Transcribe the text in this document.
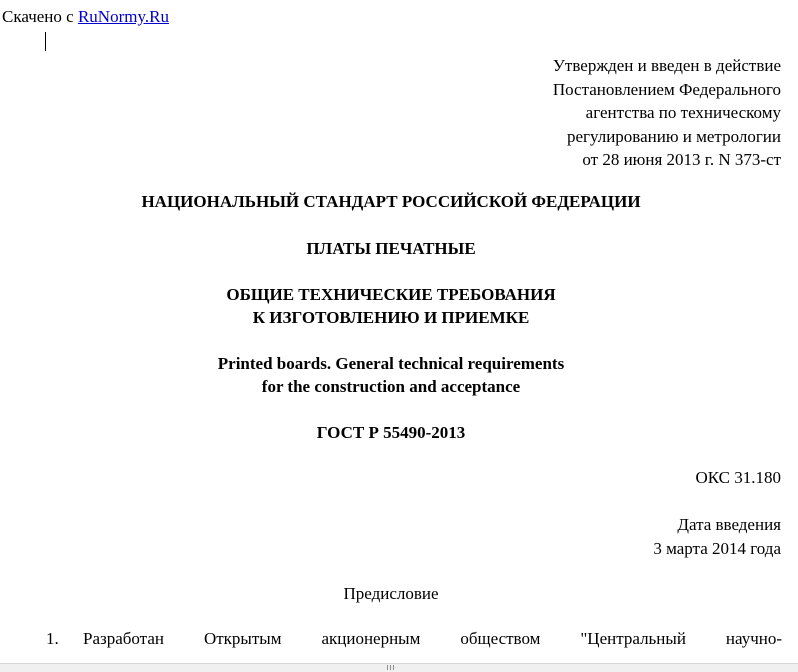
Скачено с RuNormy.Ru
Утвержден и введен в действие
Постановлением Федерального
агентства по техническому
регулированию и метрологии
от 28 июня 2013 г. N 373-ст
НАЦИОНАЛЬНЫЙ СТАНДАРТ РОССИЙСКОЙ ФЕДЕРАЦИИ
ПЛАТЫ ПЕЧАТНЫЕ
ОБЩИЕ ТЕХНИЧЕСКИЕ ТРЕБОВАНИЯ
К ИЗГОТОВЛЕНИЮ И ПРИЕМКЕ
Printed boards. General technical requirements
for the construction and acceptance
ГОСТ Р 55490-2013
ОКС 31.180
Дата введения
3 марта 2014 года
Предисловие
1. Разработан Открытым акционерным обществом "Центральный научно-
III
